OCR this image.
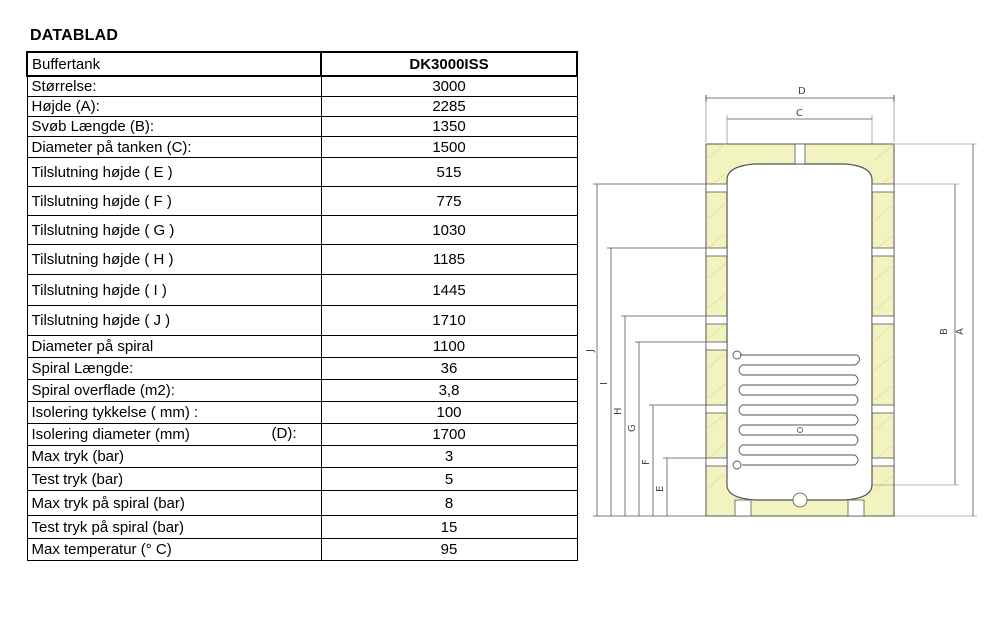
DATABLAD
Buffertank	DK3000ISS
Størrelse:	3000
Højde (A):	2285
Svøb Længde (B):	1350
Diameter på tanken (C):	1500
Tilslutning højde ( E )	515
Tilslutning højde ( F )	775
Tilslutning højde ( G )	1030
Tilslutning højde ( H )	1185
Tilslutning højde ( I )	1445
Tilslutning højde ( J )	1710
Diameter på spiral	1100
Spiral Længde:	36
Spiral overflade (m2):	3,8
Isolering tykkelse ( mm) :	100
Isolering diameter (mm) (D):	1700
Max tryk (bar)	3
Test tryk (bar)	5
Max tryk på spiral (bar)	8
Test tryk på spiral (bar)	15
Max temperatur (° C)	95
D
C
A
B
J
I
H
G
F
E
